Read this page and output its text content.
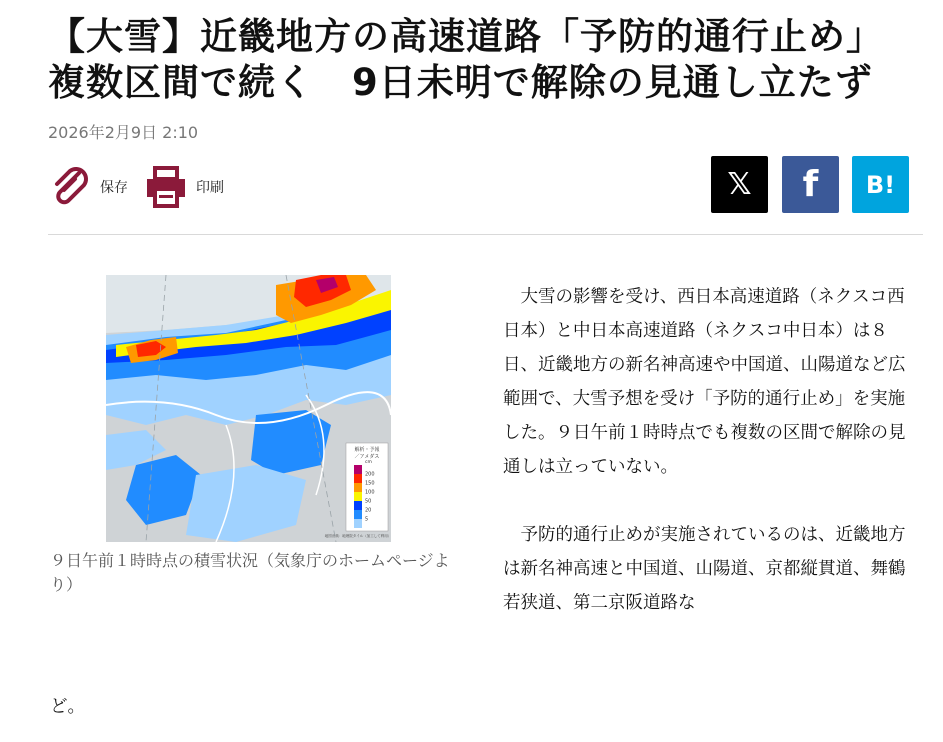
【大雪】近畿地方の高速道路「予防的通行止め」
複数区間で続く　9日未明で解除の見通し立たず
2026年2月9日 2:10
保存	印刷	𝕏 f B!
解析・予報
／アメダス
cm
200
150
100
50
20
5
地図出典：地理院タイル（加工して利用）
９日午前１時時点の積雪状況（気象庁のホームページより）

大雪の影響を受け、西日本高速道路（ネクスコ西日本）と中日本高速道路（ネクスコ中日本）は８日、近畿地方の新名神高速や中国道、山陽道など広範囲で、大雪予想を受け「予防的通行止め」を実施した。９日午前１時時点でも複数の区間で解除の見通しは立っていない。

予防的通行止めが実施されているのは、近畿地方は新名神高速と中国道、山陽道、京都縦貫道、舞鶴若狭道、第二京阪道路な

ど。
